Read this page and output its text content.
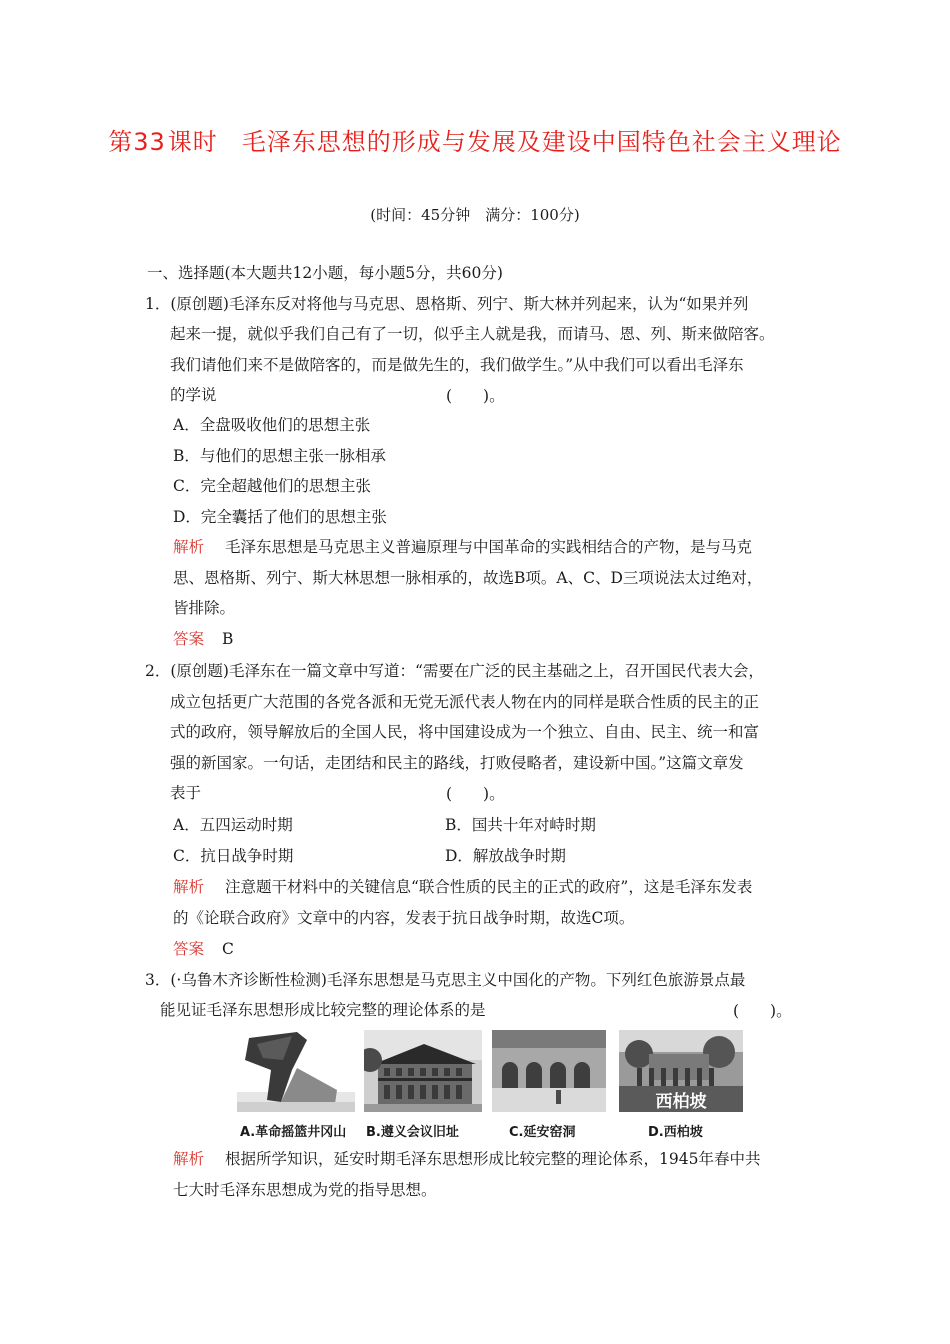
第33课时 毛泽东思想的形成与发展及建设中国特色社会主义理论
(时间：45分钟　满分：100分)
一、选择题(本大题共12小题，每小题5分，共60分)
1．(原创题)毛泽东反对将他与马克思、恩格斯、列宁、斯大林并列起来，认为“如果并列
起来一提，就似乎我们自己有了一切，似乎主人就是我，而请马、恩、列、斯来做陪客。
我们请他们来不是做陪客的，而是做先生的，我们做学生。”从中我们可以看出毛泽东
的学说	(　　)。
A．全盘吸收他们的思想主张
B．与他们的思想主张一脉相承
C．完全超越他们的思想主张
D．完全囊括了他们的思想主张
解析 毛泽东思想是马克思主义普遍原理与中国革命的实践相结合的产物，是与马克
思、恩格斯、列宁、斯大林思想一脉相承的，故选B项。A、C、D三项说法太过绝对，
皆排除。
答案 B
2．(原创题)毛泽东在一篇文章中写道：“需要在广泛的民主基础之上，召开国民代表大会，
成立包括更广大范围的各党各派和无党无派代表人物在内的同样是联合性质的民主的正
式的政府，领导解放后的全国人民，将中国建设成为一个独立、自由、民主、统一和富
强的新国家。一句话，走团结和民主的路线，打败侵略者，建设新中国。”这篇文章发
表于	(　　)。
A．五四运动时期	B．国共十年对峙时期
C．抗日战争时期	D．解放战争时期
解析 注意题干材料中的关键信息“联合性质的民主的正式的政府”，这是毛泽东发表
的《论联合政府》文章中的内容，发表于抗日战争时期，故选C项。
答案 C
3．(·乌鲁木齐诊断性检测)毛泽东思想是马克思主义中国化的产物。下列红色旅游景点最
能见证毛泽东思想形成比较完整的理论体系的是	(　　)。
西柏坡
A.革命摇篮井冈山 B.遵义会议旧址	C.延安窑洞	D.西柏坡
解析 根据所学知识，延安时期毛泽东思想形成比较完整的理论体系，1945年春中共
七大时毛泽东思想成为党的指导思想。
